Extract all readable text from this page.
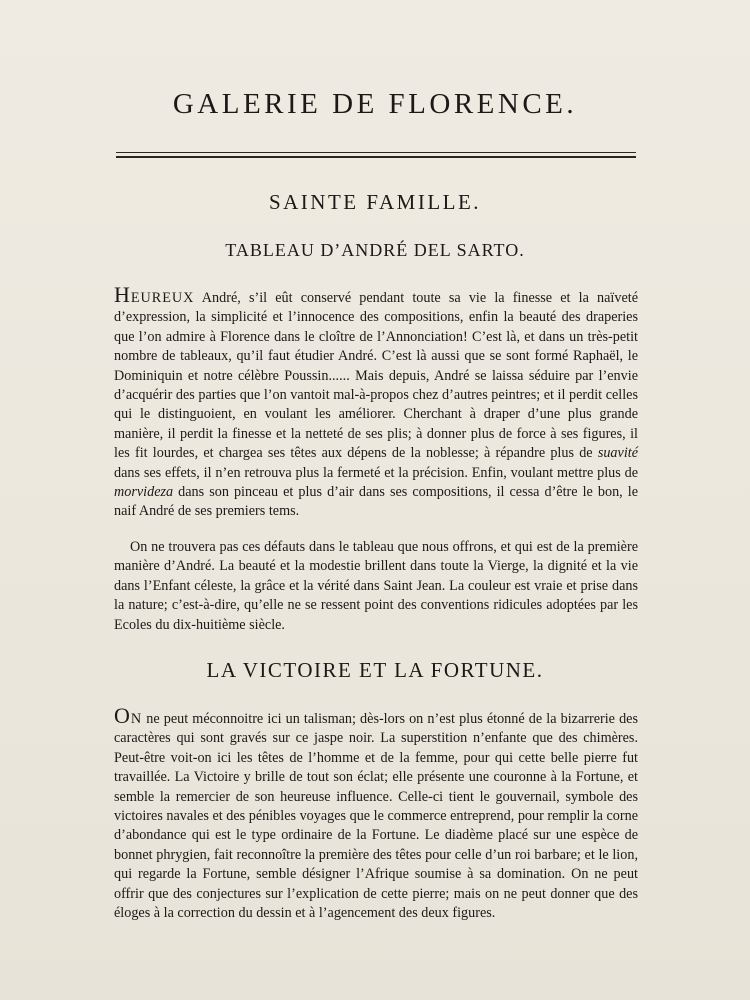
GALERIE DE FLORENCE.
SAINTE FAMILLE.
TABLEAU D’ANDRÉ DEL SARTO.

HEUREUX André, s’il eût conservé pendant toute sa vie la finesse et la naïveté d’expression, la simplicité et l’innocence des compositions, enfin la beauté des draperies que l’on admire à Florence dans le cloître de l’Annonciation! C’est là, et dans un très-petit nombre de tableaux, qu’il faut étudier André. C’est là aussi que se sont formé Raphaël, le Dominiquin et notre célèbre Poussin...... Mais depuis, André se laissa séduire par l’envie d’acquérir des parties que l’on vantoit mal-à-propos chez d’autres peintres; et il perdit celles qui le distinguoient, en voulant les améliorer. Cherchant à draper d’une plus grande manière, il perdit la finesse et la netteté de ses plis; à donner plus de force à ses figures, il les fit lourdes, et chargea ses têtes aux dépens de la noblesse; à répandre plus de suavité dans ses effets, il n’en retrouva plus la fermeté et la précision. Enfin, voulant mettre plus de morvideza dans son pinceau et plus d’air dans ses compositions, il cessa d’être le bon, le naif André de ses premiers tems.

On ne trouvera pas ces défauts dans le tableau que nous offrons, et qui est de la première manière d’André. La beauté et la modestie brillent dans toute la Vierge, la dignité et la vie dans l’Enfant céleste, la grâce et la vérité dans Saint Jean. La couleur est vraie et prise dans la nature; c’est-à-dire, qu’elle ne se ressent point des conventions ridicules adoptées par les Ecoles du dix-huitième siècle.

LA VICTOIRE ET LA FORTUNE.

ON ne peut méconnoitre ici un talisman; dès-lors on n’est plus étonné de la bizarrerie des caractères qui sont gravés sur ce jaspe noir. La superstition n’enfante que des chimères. Peut-être voit-on ici les têtes de l’homme et de la femme, pour qui cette belle pierre fut travaillée. La Victoire y brille de tout son éclat; elle présente une couronne à la Fortune, et semble la remercier de son heureuse influence. Celle-ci tient le gouvernail, symbole des victoires navales et des pénibles voyages que le commerce entreprend, pour remplir la corne d’abondance qui est le type ordinaire de la Fortune. Le diadème placé sur une espèce de bonnet phrygien, fait reconnoître la première des têtes pour celle d’un roi barbare; et le lion, qui regarde la Fortune, semble désigner l’Afrique soumise à sa domination. On ne peut offrir que des conjectures sur l’explication de cette pierre; mais on ne peut donner que des éloges à la correction du dessin et à l’agencement des deux figures.
